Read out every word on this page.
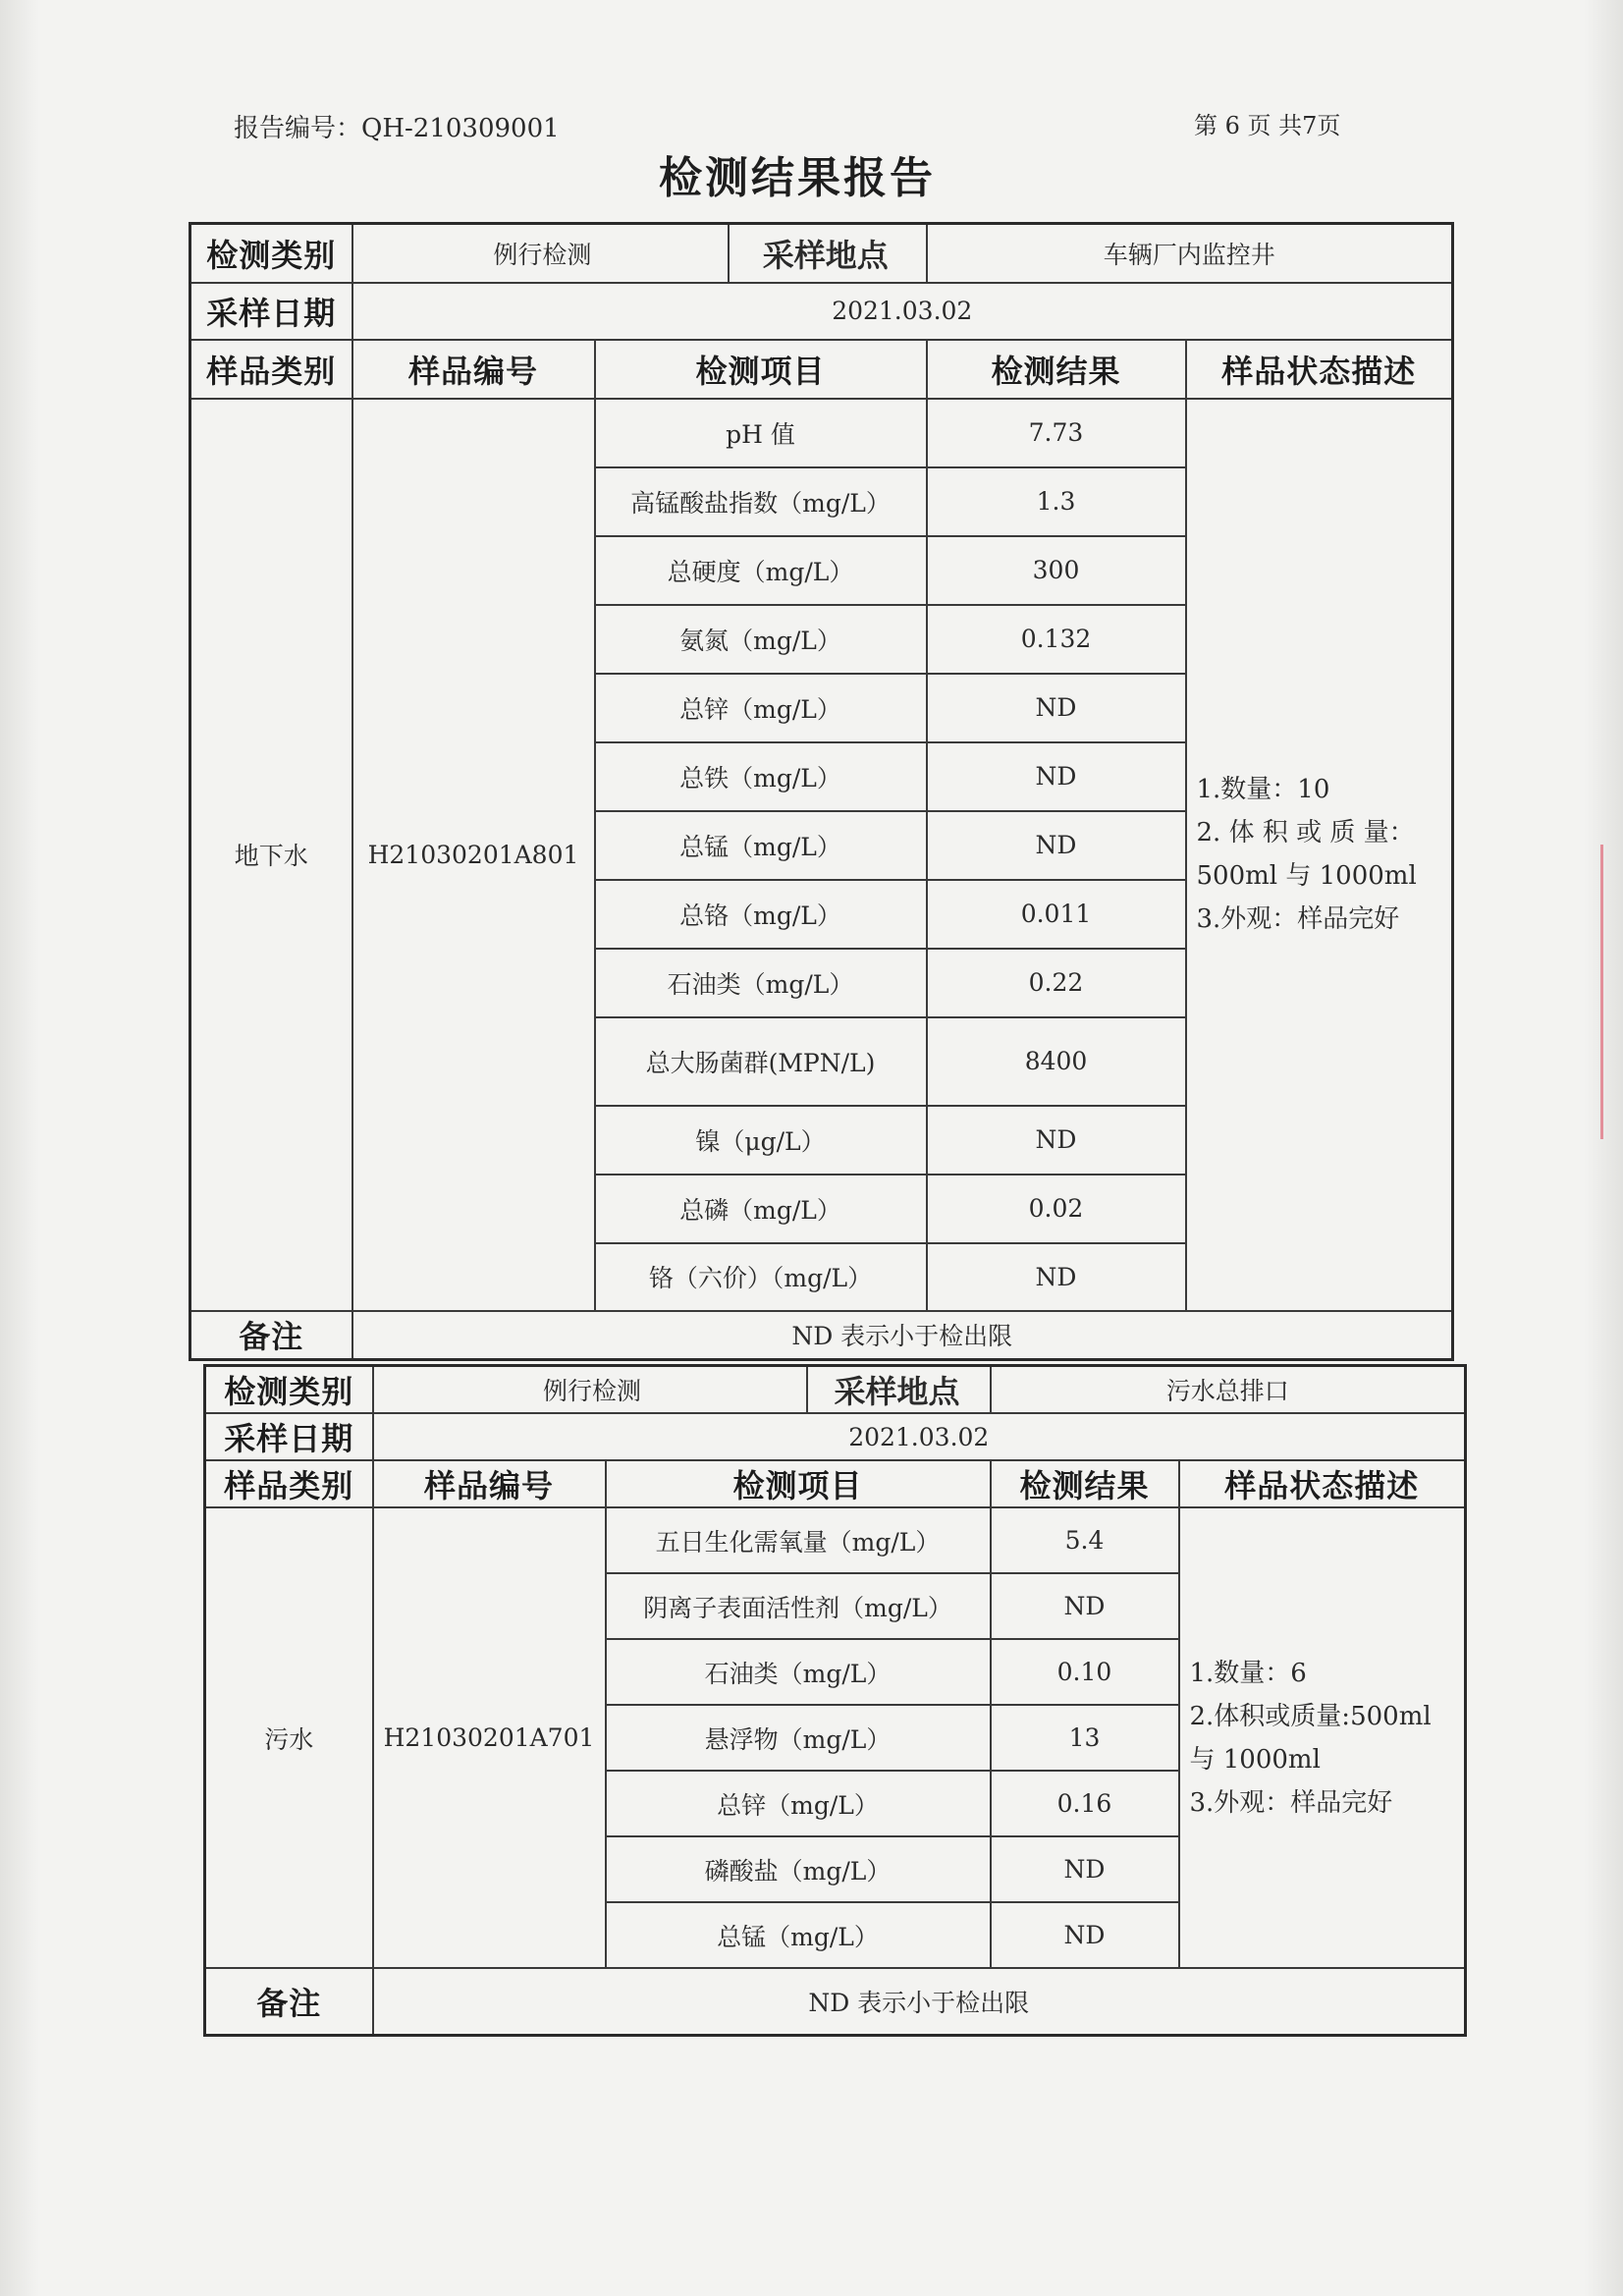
报告编号：QH-210309001	第 6 页 共7页
检测结果报告
检测类别	例行检测 采样地点		车辆厂内监控井	
采样日期	2021.03.02			
样品类别	样品编号	检测项目	检测结果	样品状态描述
地下水	H21030201A801	pH 值	7.73	1.数量：10
2. 体 积 或 质 量：
500ml 与 1000ml
3.外观：样品完好

		高锰酸盐指数（mg/L）	1.3	
		总硬度（mg/L）	300	
		氨氮（mg/L）	0.132	
		总锌（mg/L）	ND	
		总铁（mg/L）	ND	
		总锰（mg/L）	ND	
		总铬（mg/L）	0.011	
		石油类（mg/L）	0.22	
		总大肠菌群(MPN/L)	8400	
		镍（μg/L）	ND	
		总磷（mg/L）	0.02	
		铬（六价）（mg/L）	ND	
备注	ND 表示小于检出限			
检测类别	例行检测 采样地点		污水总排口	
采样日期	2021.03.02			
样品类别	样品编号	检测项目	检测结果	样品状态描述
污水	H21030201A701	五日生化需氧量（mg/L）	5.4	1.数量：6
2.体积或质量:500ml
与 1000ml
3.外观：样品完好

		阴离子表面活性剂（mg/L）	ND	
		石油类（mg/L）	0.10	
		悬浮物（mg/L）	13	
		总锌（mg/L）	0.16	
		磷酸盐（mg/L）	ND	
		总锰（mg/L）	ND	
备注	ND 表示小于检出限			
